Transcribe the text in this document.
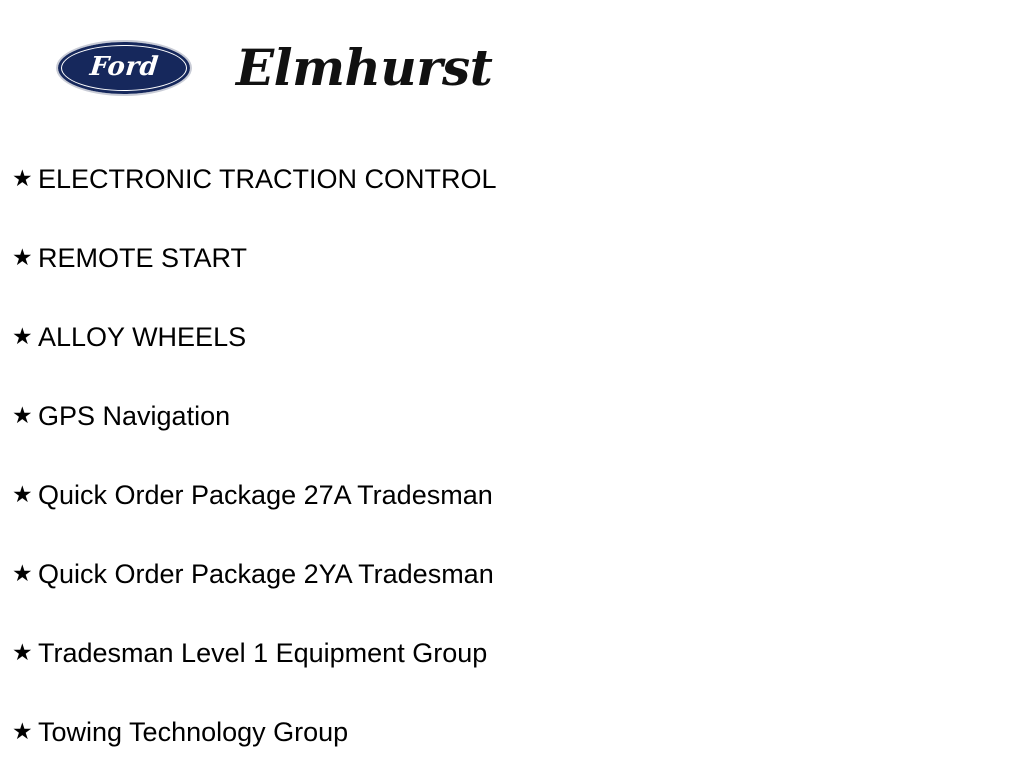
Ford Elmhurst
★ ELECTRONIC TRACTION CONTROL
★ REMOTE START
★ ALLOY WHEELS
★ GPS Navigation
★ Quick Order Package 27A Tradesman
★ Quick Order Package 2YA Tradesman
★ Tradesman Level 1 Equipment Group
★ Towing Technology Group
